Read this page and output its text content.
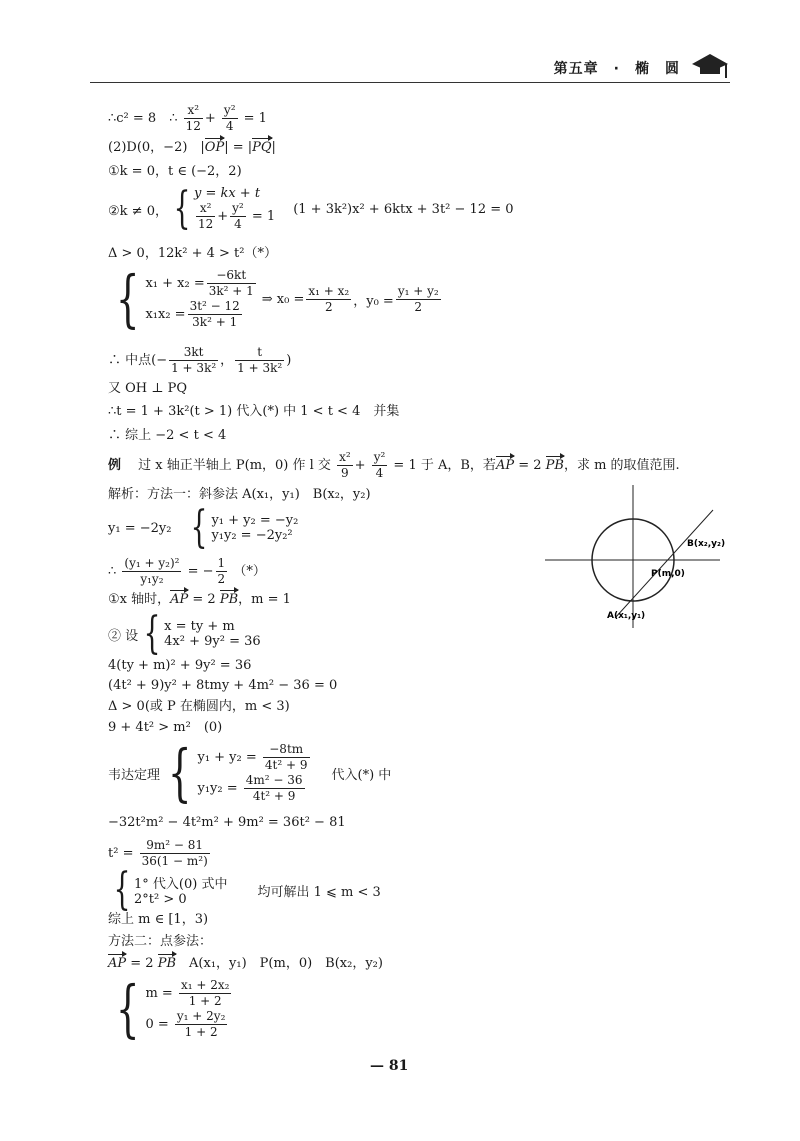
第五章　·　椭　圆
∴c² = 8　∴ $\frac{\text{x²}}{12} + \frac{\text{y²}}{4} = 1$
(2)D(0，−2)　|OP| = |PQ|
①k = 0，t ∈ (−2，2)
②k ≠ 0， { y = kx + t
$\frac{\text{x²}}{12} + \frac{\text{y²}}{4} = 1$ (1 + 3k²)x² + 6ktx + 3t² − 12 = 0
Δ > 0，12k² + 4 > t²（*）
{ $x_1 + x_2 = \frac{-6kt}{\text{3k² + 1}}$
$x_1x_2 = \frac{\text{3t² − 12}}{\text{3k² + 1}}$ ⇒ $x_0 = \frac{\text{x₁ + x₂}}{2}$ ，$y_0 = \frac{\text{y₁ + y₂}}{2}$
∴ 中点(− $\frac{3kt}{\text{1 + 3k²}}$ ， $\frac{t}{\text{1 + 3k²}}$ )
又 OH ⊥ PQ
∴t = 1 + 3k²(t > 1) 代入(*) 中 1 < t < 4　并集
∴ 综上 −2 < t < 4
例　 过 x 轴正半轴上 P(m，0) 作 l 交 $\frac{\text{x²}}{9} + \frac{\text{y²}}{4} = 1$ 于 A，B，若AP = 2 PB，求 m 的取值范围.
解析：方法一：斜参法 A(x₁，y₁)　B(x₂，y₂)
y₁ = −2y₂ { y₁ + y₂ = −y₂
y₁y₂ = −2y₂²
∴ $\frac{\text{(y₁ + y₂)²}}{\text{y₁y₂}}$ = − $\frac{1}{2}$ （*）
①x 轴时，AP = 2 PB，m = 1
② 设 { x = ty + m
4x² + 9y² = 36
4(ty + m)² + 9y² = 36
(4t² + 9)y² + 8tmy + 4m² − 36 = 0
Δ > 0(或 P 在椭圆内，m < 3)
9 + 4t² > m²　(0)
韦达定理 { $y_1 + y_2 = \frac{-8tm}{\text{4t² + 9}}$
$y_1y_2 = \frac{\text{4m² − 36}}{\text{4t² + 9}}$ 代入(*) 中
−32t²m² − 4t²m² + 9m² = 36t² − 81
$t^2 = \frac{\text{9m² − 81}}{\text{36(1 − m²)}}$
{ 1° 代入(0) 式中
2°t² > 0	均可解出 1 ⩽ m < 3
综上 m ∈ [1，3)
方法二：点参法：
AP = 2 PB　 A(x₁，y₁)　P(m，0)　B(x₂，y₂)
{ $m = \frac{\text{x₁ + 2x₂}}{1 + 2}$
$0 = \frac{\text{y₁ + 2y₂}}{1 + 2}$
B(x₂,y₂)
P(m,0)
A(x₁,y₁)
— 81
